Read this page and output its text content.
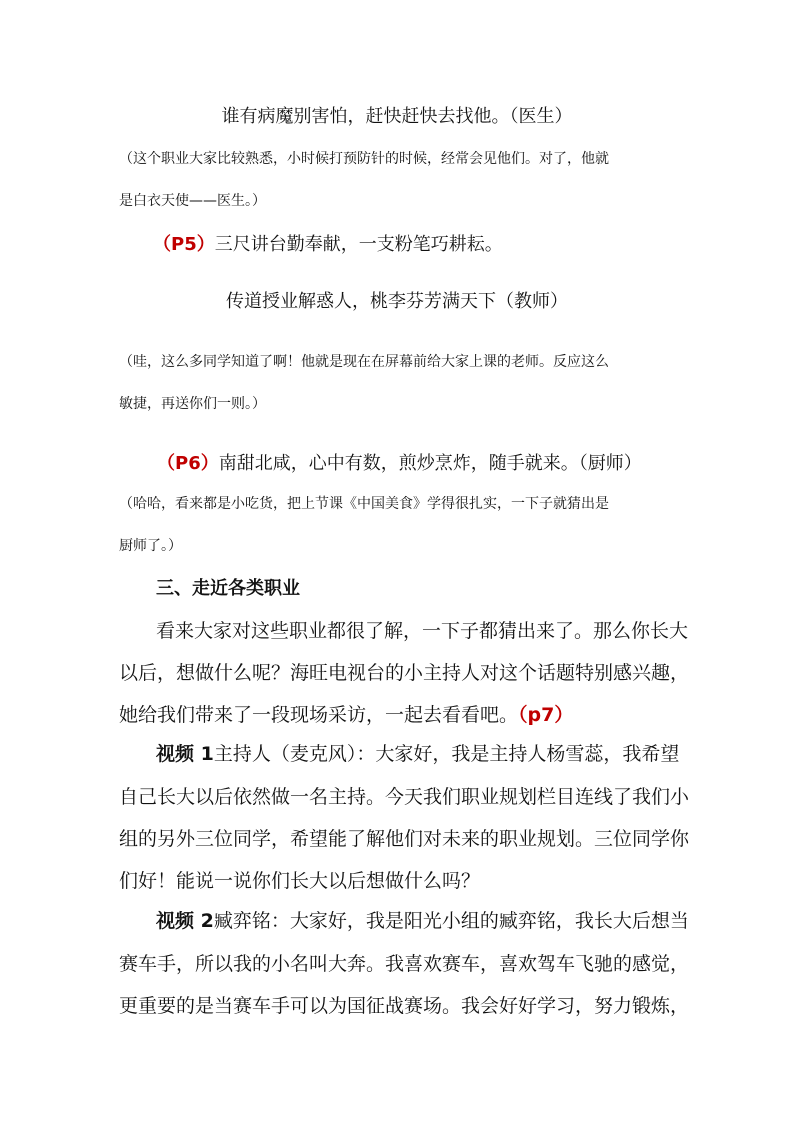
谁有病魔别害怕，赶快赶快去找他。（医生）
（这个职业大家比较熟悉，小时候打预防针的时候，经常会见他们。对了，他就
是白衣天使——医生。）
（P5）三尺讲台勤奉献，一支粉笔巧耕耘。
传道授业解惑人，桃李芬芳满天下（教师）
（哇，这么多同学知道了啊！他就是现在在屏幕前给大家上课的老师。反应这么
敏捷，再送你们一则。）
（P6）南甜北咸，心中有数，煎炒烹炸，随手就来。（厨师）
（哈哈，看来都是小吃货，把上节课《中国美食》学得很扎实，一下子就猜出是
厨师了。）
三、走近各类职业
看来大家对这些职业都很了解，一下子都猜出来了。那么你长大
以后，想做什么呢？海旺电视台的小主持人对这个话题特别感兴趣，
她给我们带来了一段现场采访，一起去看看吧。（p7）
视频 1主持人（麦克风）：大家好，我是主持人杨雪蕊，我希望
自己长大以后依然做一名主持。今天我们职业规划栏目连线了我们小
组的另外三位同学，希望能了解他们对未来的职业规划。三位同学你
们好！能说一说你们长大以后想做什么吗？
视频 2臧弈铭：大家好，我是阳光小组的臧弈铭，我长大后想当
赛车手，所以我的小名叫大奔。我喜欢赛车，喜欢驾车飞驰的感觉，
更重要的是当赛车手可以为国征战赛场。我会好好学习，努力锻炼，
